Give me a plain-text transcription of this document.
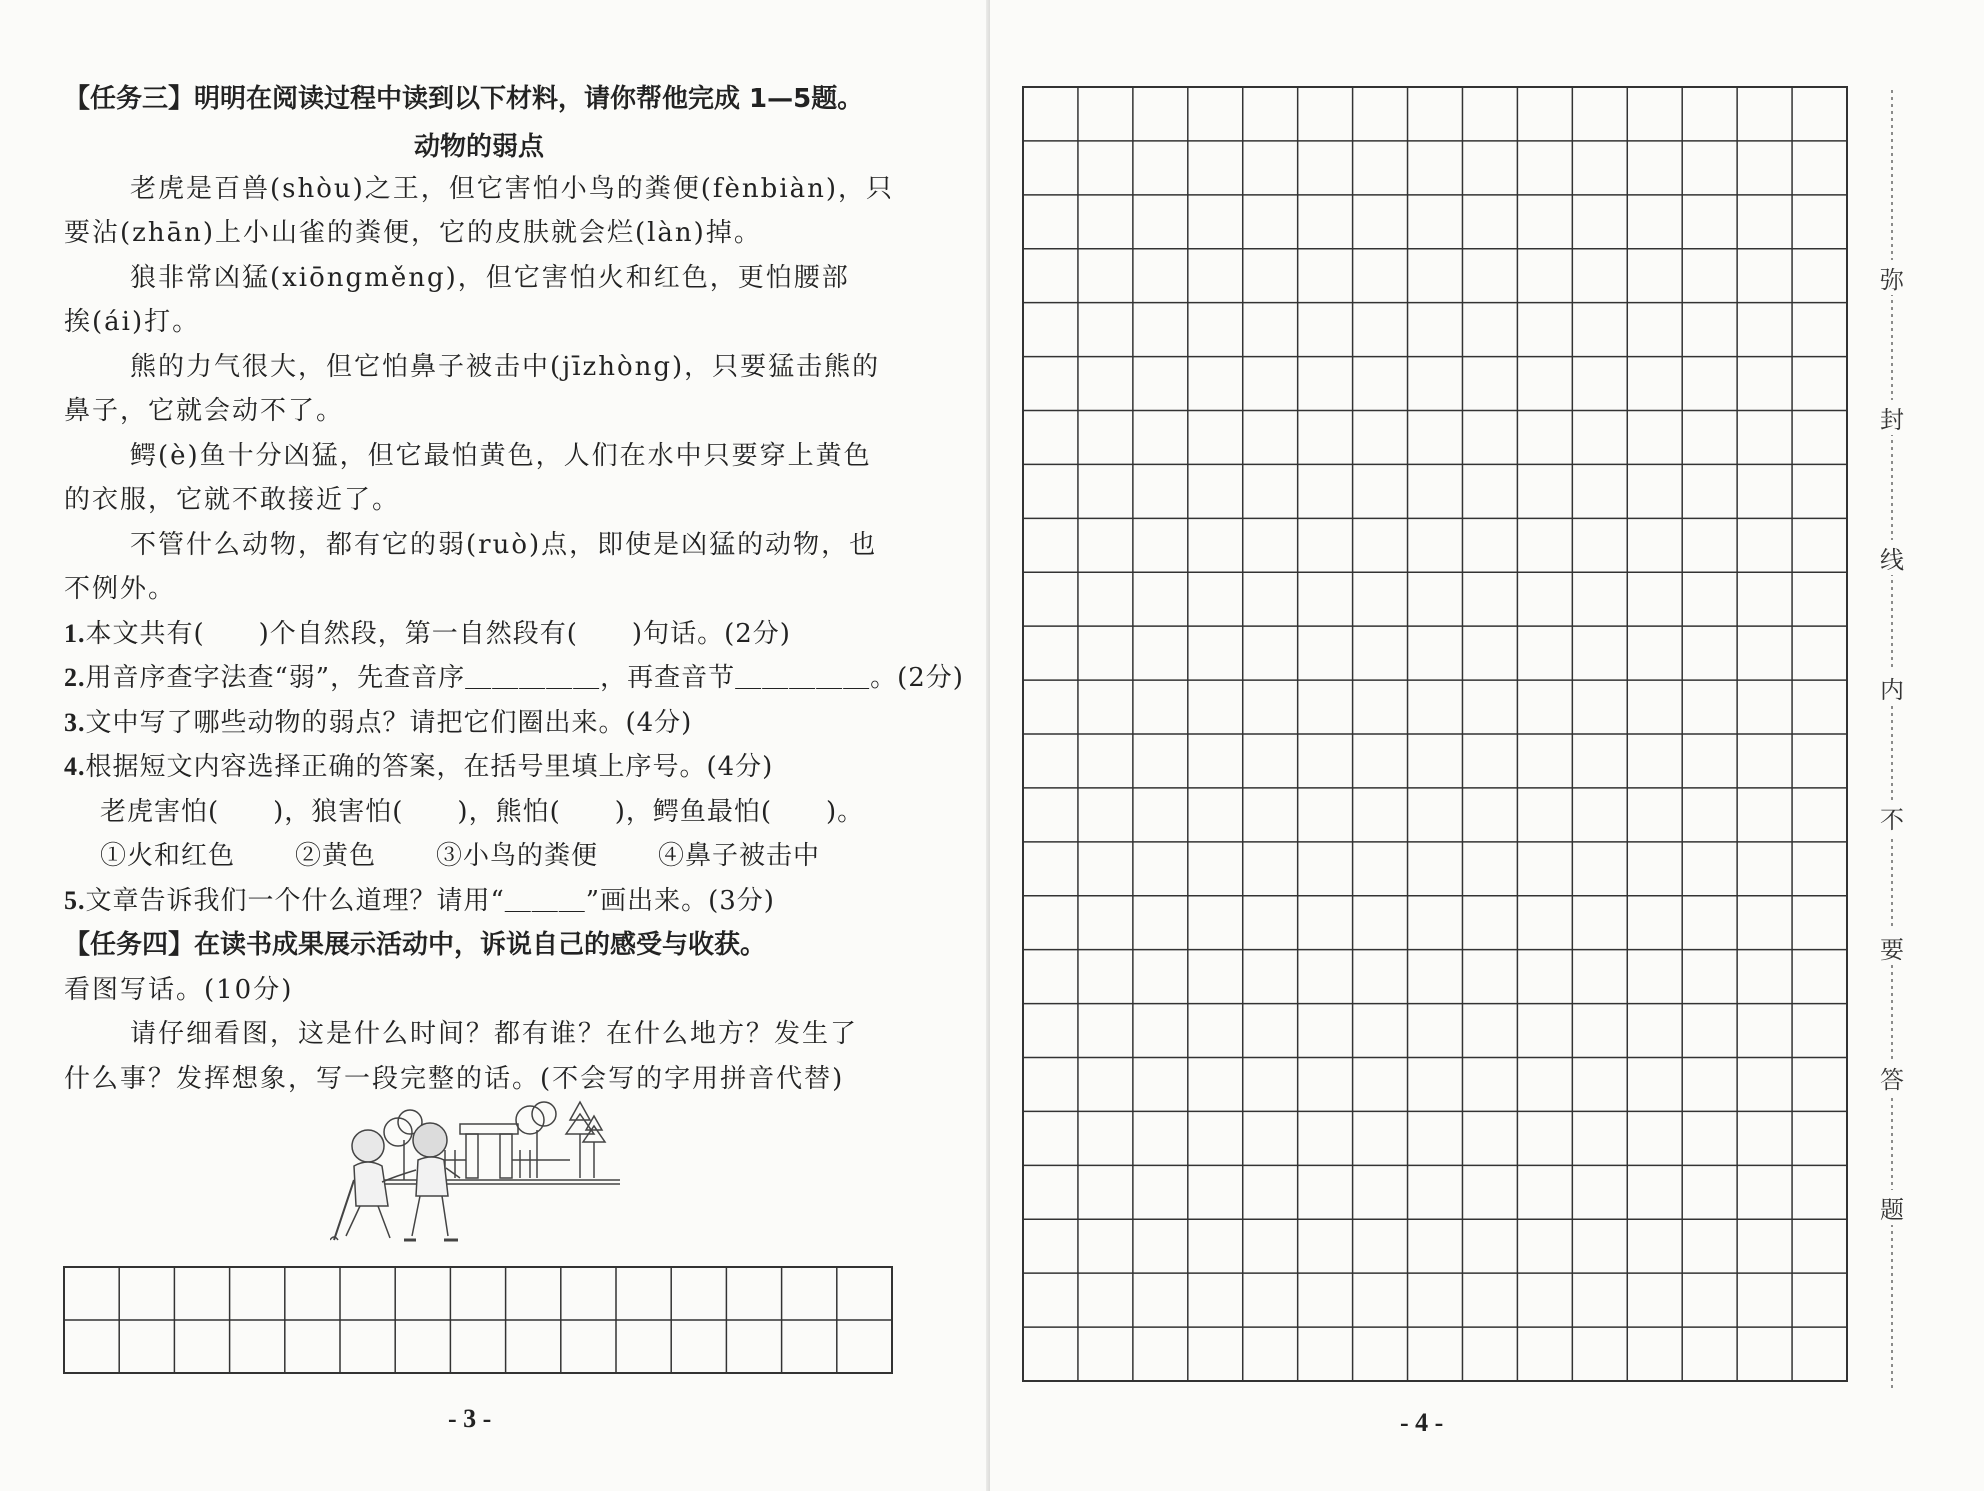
【任务三】明明在阅读过程中读到以下材料，请你帮他完成 1—5题。
动物的弱点
老虎是百兽(shòu)之王，但它害怕小鸟的粪便(fènbiàn)，只
要沾(zhān)上小山雀的粪便，它的皮肤就会烂(làn)掉。
狼非常凶猛(xiōngměng)，但它害怕火和红色，更怕腰部
挨(ái)打。
熊的力气很大，但它怕鼻子被击中(jīzhòng)，只要猛击熊的
鼻子，它就会动不了。
鳄(è)鱼十分凶猛，但它最怕黄色，人们在水中只要穿上黄色
的衣服，它就不敢接近了。
不管什么动物，都有它的弱(ruò)点，即使是凶猛的动物，也
不例外。
1.本文共有(　　)个自然段，第一自然段有(　　)句话。(2分)
2.用音序查字法查“弱”，先查音序＿＿＿＿＿，再查音节＿＿＿＿＿。(2分)
3.文中写了哪些动物的弱点？请把它们圈出来。(4分)
4.根据短文内容选择正确的答案，在括号里填上序号。(4分)
老虎害怕(　　)，狼害怕(　　)，熊怕(　　)，鳄鱼最怕(　　)。
①火和红色 ②黄色 ③小鸟的粪便 ④鼻子被击中
5.文章告诉我们一个什么道理？请用“＿＿＿”画出来。(3分)
【任务四】在读书成果展示活动中，诉说自己的感受与收获。
看图写话。(10分)
请仔细看图，这是什么时间？都有谁？在什么地方？发生了
什么事？发挥想象，写一段完整的话。(不会写的字用拼音代替)
- 3 -	- 4 -
弥
封
线
内
不
要
答
题
